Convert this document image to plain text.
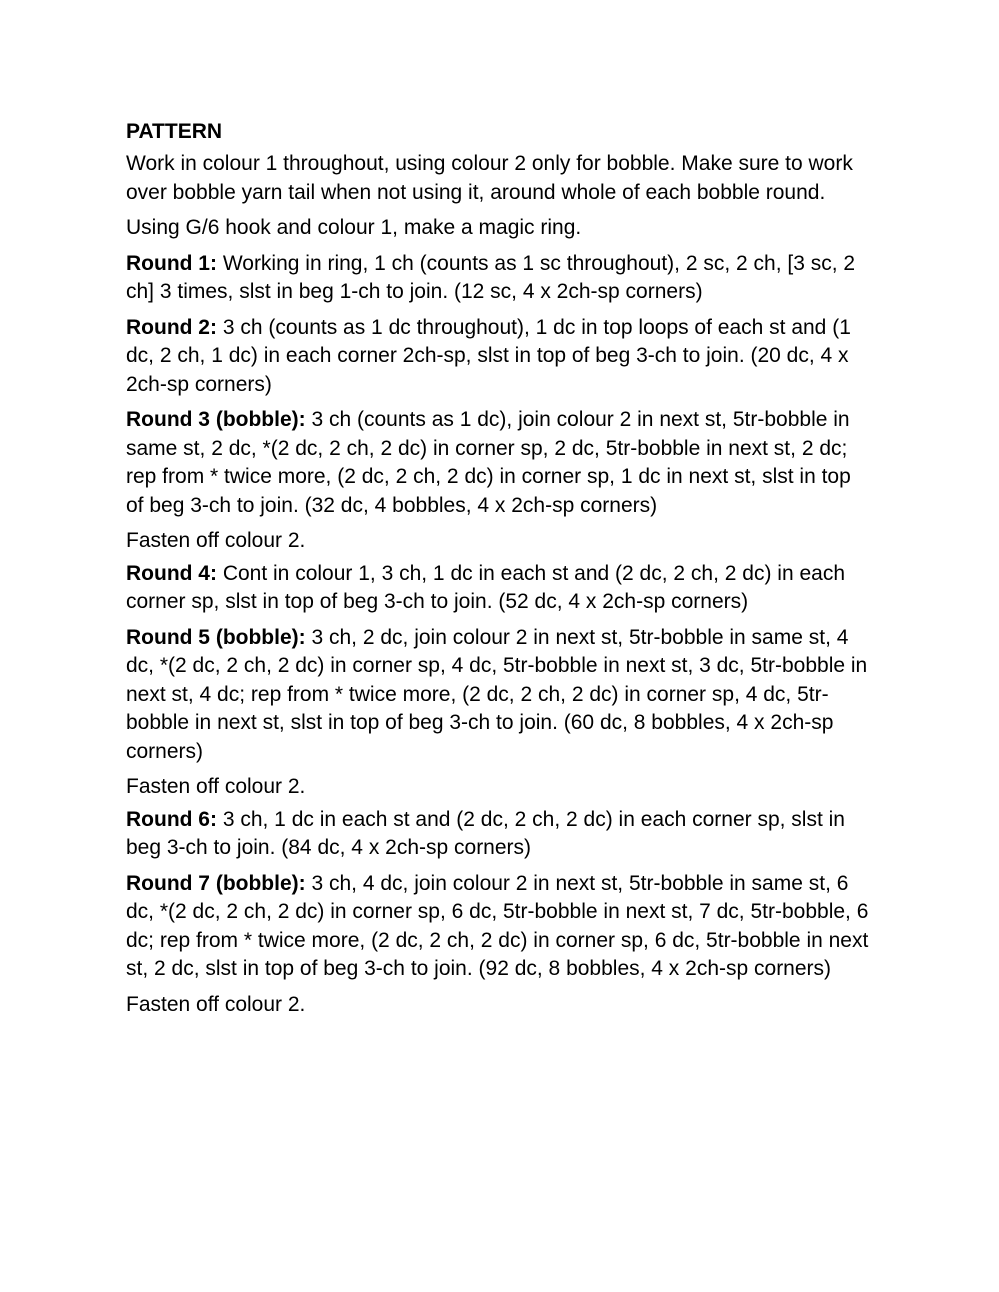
PATTERN

Work in colour 1 throughout, using colour 2 only for bobble. Make sure to work over bobble yarn tail when not using it, around whole of each bobble round.

Using G/6 hook and colour 1, make a magic ring.

Round 1: Working in ring, 1 ch (counts as 1 sc throughout), 2 sc, 2 ch, [3 sc, 2 ch] 3 times, slst in beg 1-ch to join. (12 sc, 4 x 2ch-sp corners)

Round 2: 3 ch (counts as 1 dc throughout), 1 dc in top loops of each st and (1 dc, 2 ch, 1 dc) in each corner 2ch-sp, slst in top of beg 3-ch to join. (20 dc, 4 x 2ch-sp corners)

Round 3 (bobble): 3 ch (counts as 1 dc), join colour 2 in next st, 5tr-bobble in same st, 2 dc, *(2 dc, 2 ch, 2 dc) in corner sp, 2 dc, 5tr-bobble in next st, 2 dc; rep from * twice more, (2 dc, 2 ch, 2 dc) in corner sp, 1 dc in next st, slst in top of beg 3-ch to join. (32 dc, 4 bobbles, 4 x 2ch-sp corners)

Fasten off colour 2.

Round 4: Cont in colour 1, 3 ch, 1 dc in each st and (2 dc, 2 ch, 2 dc) in each corner sp, slst in top of beg 3-ch to join. (52 dc, 4 x 2ch-sp corners)

Round 5 (bobble): 3 ch, 2 dc, join colour 2 in next st, 5tr-bobble in same st, 4 dc, *(2 dc, 2 ch, 2 dc) in corner sp, 4 dc, 5tr-bobble in next st, 3 dc, 5tr-bobble in next st, 4 dc; rep from * twice more, (2 dc, 2 ch, 2 dc) in corner sp, 4 dc, 5tr-bobble in next st, slst in top of beg 3-ch to join. (60 dc, 8 bobbles, 4 x 2ch-sp corners)

Fasten off colour 2.

Round 6: 3 ch, 1 dc in each st and (2 dc, 2 ch, 2 dc) in each corner sp, slst in beg 3-ch to join. (84 dc, 4 x 2ch-sp corners)

Round 7 (bobble): 3 ch, 4 dc, join colour 2 in next st, 5tr-bobble in same st, 6 dc, *(2 dc, 2 ch, 2 dc) in corner sp, 6 dc, 5tr-bobble in next st, 7 dc, 5tr-bobble, 6 dc; rep from * twice more, (2 dc, 2 ch, 2 dc) in corner sp, 6 dc, 5tr-bobble in next st, 2 dc, slst in top of beg 3-ch to join. (92 dc, 8 bobbles, 4 x 2ch-sp corners)

Fasten off colour 2.
